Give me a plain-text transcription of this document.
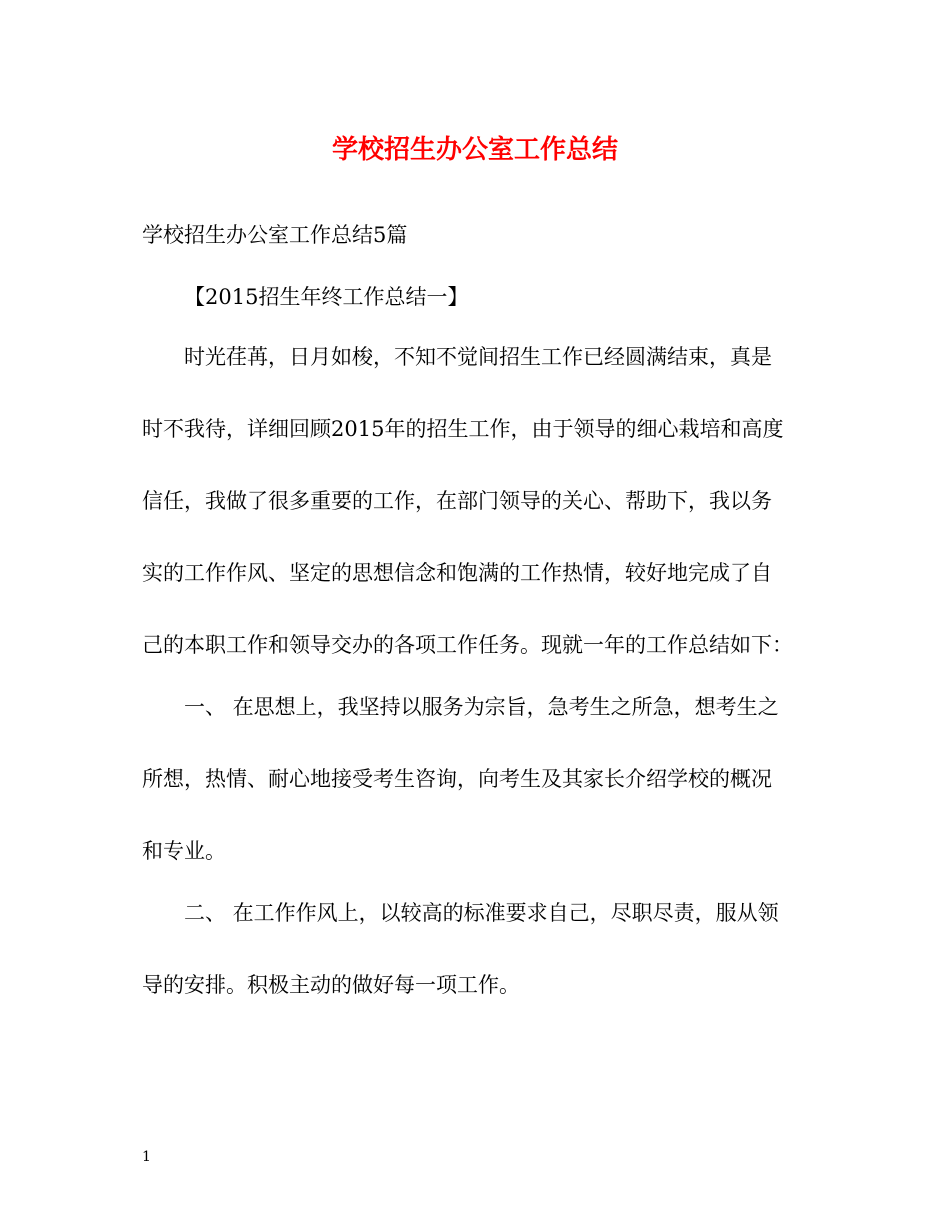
学校招生办公室工作总结
学校招生办公室工作总结5篇
【2015招生年终工作总结一】
时光荏苒，日月如梭，不知不觉间招生工作已经圆满结束，真是
时不我待，详细回顾2015年的招生工作，由于领导的细心栽培和高度
信任，我做了很多重要的工作，在部门领导的关心、帮助下，我以务
实的工作作风、坚定的思想信念和饱满的工作热情，较好地完成了自
己的本职工作和领导交办的各项工作任务。现就一年的工作总结如下：
一、 在思想上，我坚持以服务为宗旨，急考生之所急，想考生之
所想，热情、耐心地接受考生咨询，向考生及其家长介绍学校的概况
和专业。
二、 在工作作风上，以较高的标准要求自己，尽职尽责，服从领
导的安排。积极主动的做好每一项工作。
1
